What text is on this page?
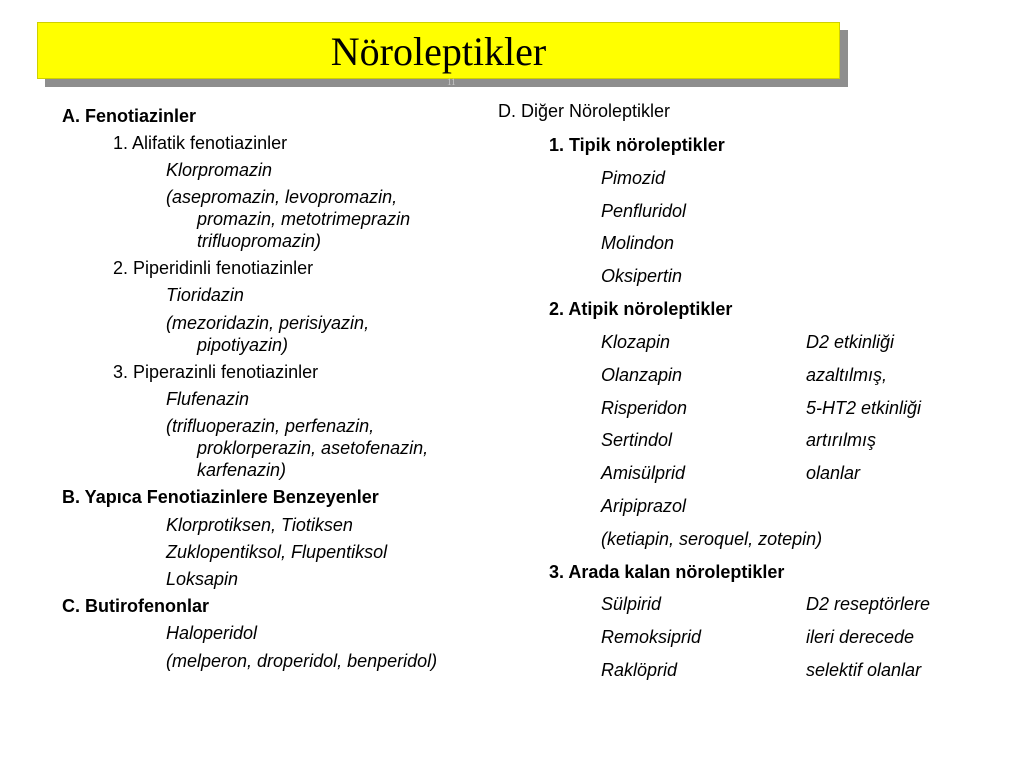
Nöroleptikler
11
A. Fenotiazinler
1. Alifatik fenotiazinler
Klorpromazin
(asepromazin, levopromazin,
promazin, metotrimeprazin
trifluopromazin)
2. Piperidinli fenotiazinler
Tioridazin
(mezoridazin, perisiyazin,
pipotiyazin)
3. Piperazinli fenotiazinler
Flufenazin
(trifluoperazin, perfenazin,
proklorperazin, asetofenazin,
karfenazin)
B. Yapıca Fenotiazinlere Benzeyenler
Klorprotiksen, Tiotiksen
Zuklopentiksol, Flupentiksol
Loksapin
C. Butirofenonlar
Haloperidol
(melperon, droperidol, benperidol)
D. Diğer Nöroleptikler
1. Tipik nöroleptikler
Pimozid
Penfluridol
Molindon
Oksipertin
2. Atipik nöroleptikler
Klozapin
Olanzapin
Risperidon
Sertindol
Amisülprid
Aripiprazol
(ketiapin, seroquel, zotepin)
D2 etkinliği
azaltılmış,
5-HT2 etkinliği
artırılmış
olanlar
3. Arada kalan nöroleptikler
Sülpirid
Remoksiprid
Raklöprid
D2 reseptörlere
ileri derecede
selektif olanlar
